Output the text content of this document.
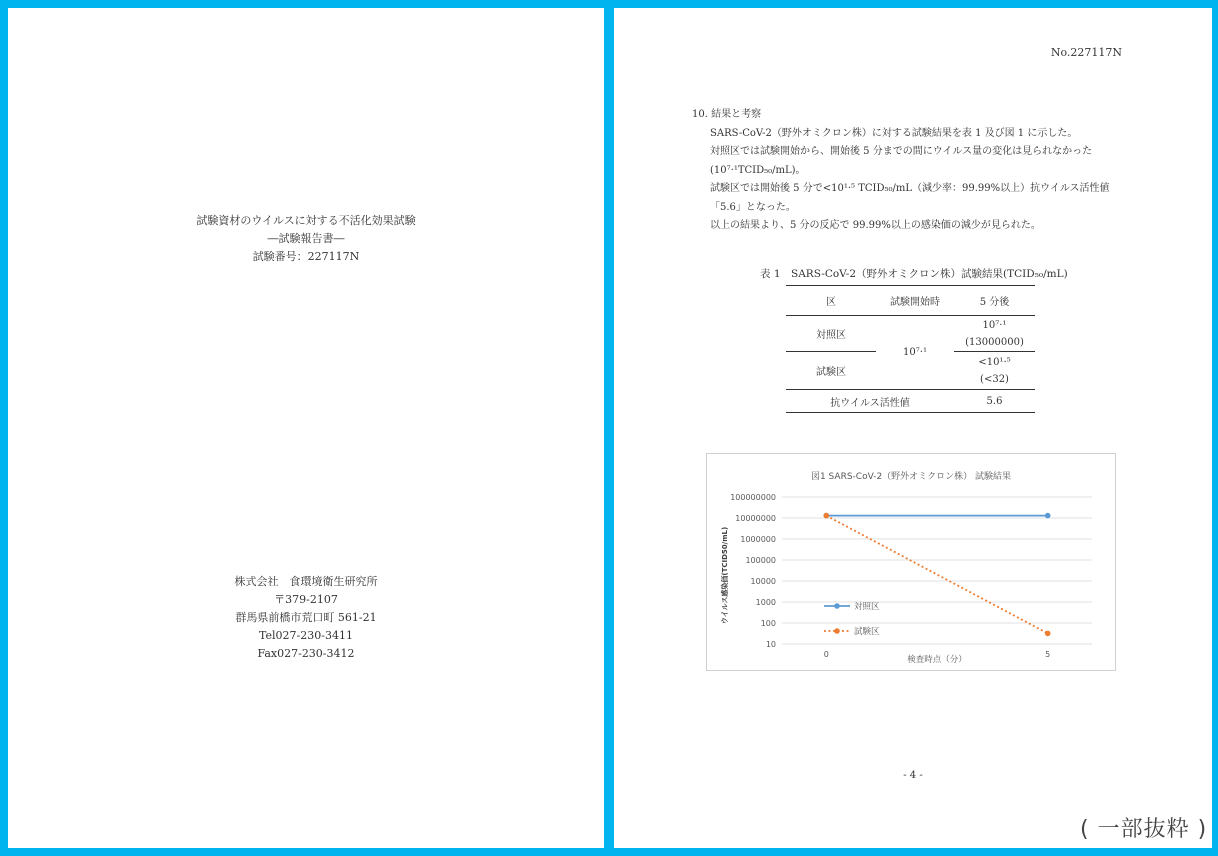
試験資材のウイルスに対する不活化効果試験
―試験報告書―
試験番号：227117N
株式会社　食環境衛生研究所
〒379-2107
群馬県前橋市荒口町 561-21
Tel027-230-3411
Fax027-230-3412
No.227117N
10. 結果と考察
SARS-CoV-2（野外オミクロン株）に対する試験結果を表 1 及び図 1 に示した。
対照区では試験開始から、開始後 5 分までの間にウイルス量の変化は見られなかった
(10⁷·¹TCID₅₀/mL)。
試験区では開始後 5 分で<10¹·⁵ TCID₅₀/mL（減少率：99.99%以上）抗ウイルス活性値
「5.6」となった。
以上の結果より、5 分の反応で 99.99%以上の感染価の減少が見られた。
表 1　SARS-CoV-2（野外オミクロン株）試験結果(TCID₅₀/mL)
区	試験開始時	5 分後
対照区	10⁷·¹	10⁷·¹
(13000000)

試験区		<10¹·⁵
(<32)

抗ウイルス活性値		5.6
図1 SARS-CoV-2（野外オミクロン株） 試験結果
100000000
10000000
1000000
100000
10000
1000
100
10
0	5
検査時点（分）
ウイルス感染価(TCID50/mL)	対照区
試験区
- 4 -
( 一部抜粋 )
